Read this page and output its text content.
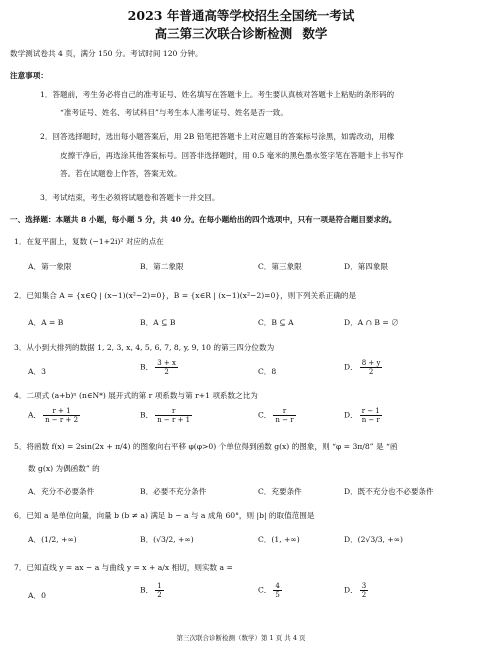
2023 年普通高等学校招生全国统一考试
高三第三次联合诊断检测 数学
数学测试卷共 4 页，满分 150 分。考试时间 120 分钟。
注意事项：
1．答题前，考生务必将自己的准考证号、姓名填写在答题卡上。考生要认真核对答题卡上粘贴的条形码的
“准考证号、姓名、考试科目”与考生本人准考证号、姓名是否一致。
2．回答选择题时，选出每小题答案后，用 2B 铅笔把答题卡上对应题目的答案标号涂黑，如需改动，用橡
皮擦干净后，再选涂其他答案标号。回答非选择题时，用 0.5 毫米的黑色墨水签字笔在答题卡上书写作
答。若在试题卷上作答，答案无效。
3．考试结束，考生必须将试题卷和答题卡一并交回。
一、选择题：本题共 8 小题，每小题 5 分，共 40 分。在每小题给出的四个选项中，只有一项是符合题目要求的。
1．在复平面上，复数 (−1+2i)² 对应的点在
A．第一象限	B．第二象限	C．第三象限	D．第四象限
2．已知集合 A = {x∈Q | (x−1)(x²−2)=0}，B = {x∈R | (x−1)(x²−2)=0}，则下列关系正确的是
A．A = B	B．A ⊆ B	C．B ⊆ A	D．A ∩ B = ∅
3．从小到大排列的数据 1, 2, 3, x, 4, 5, 6, 7, 8, y, 9, 10 的第三四分位数为
A．3	B． $\frac{3 + x}{2}$	C．8	D． $\frac{8 + y}{2}$
4．二项式 (a+b)ⁿ (n∈N*) 展开式的第 r 项系数与第 r+1 项系数之比为
A． $\frac{r + 1}{n - r + 2}$	B． $\frac{r}{n - r + 1}$	C． $\frac{r}{n - r}$	D． $\frac{r - 1}{n - r}$
5．将函数 f(x) = 2sin(2x + π/4) 的图象向右平移 φ(φ>0) 个单位得到函数 g(x) 的图象，则 “φ = 3π/8” 是 “函
数 g(x) 为偶函数” 的
A．充分不必要条件	B．必要不充分条件	C．充要条件	D．既不充分也不必要条件
6．已知 a 是单位向量，向量 b (b ≠ a) 满足 b − a 与 a 成角 60°，则 |b| 的取值范围是
A．(1/2, +∞)	B．(√3/2, +∞)	C．(1, +∞)	D．(2√3/3, +∞)
7．已知直线 y = ax − a 与曲线 y = x + a/x 相切，则实数 a =
A．0
B． $\frac{1}{2}$	C． $\frac{4}{5}$	D． $\frac{3}{2}$
第三次联合诊断检测（数学）第 1 页 共 4 页
